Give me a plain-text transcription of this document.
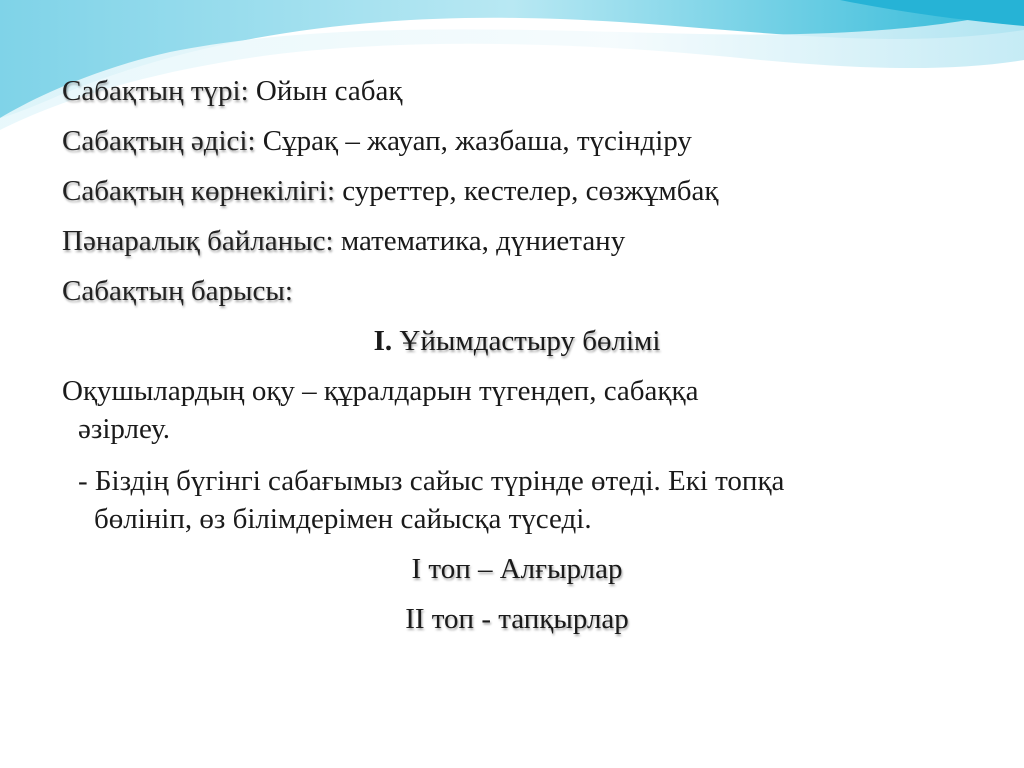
Сабақтың түрі: Ойын сабақ
Сабақтың әдісі: Сұрақ – жауап, жазбаша, түсіндіру
Сабақтың көрнекілігі: суреттер, кестелер, сөзжұмбақ
Пәнаралық байланыс: математика, дүниетану
Сабақтың барысы:
І. Ұйымдастыру бөлімі
Оқушылардың оқу – құралдарын түгендеп, сабаққа
әзірлеу.
- Біздің бүгінгі сабағымыз сайыс түрінде өтеді. Екі топқа
бөлініп, өз білімдерімен сайысқа түседі.
І топ – Алғырлар
ІІ топ - тапқырлар
